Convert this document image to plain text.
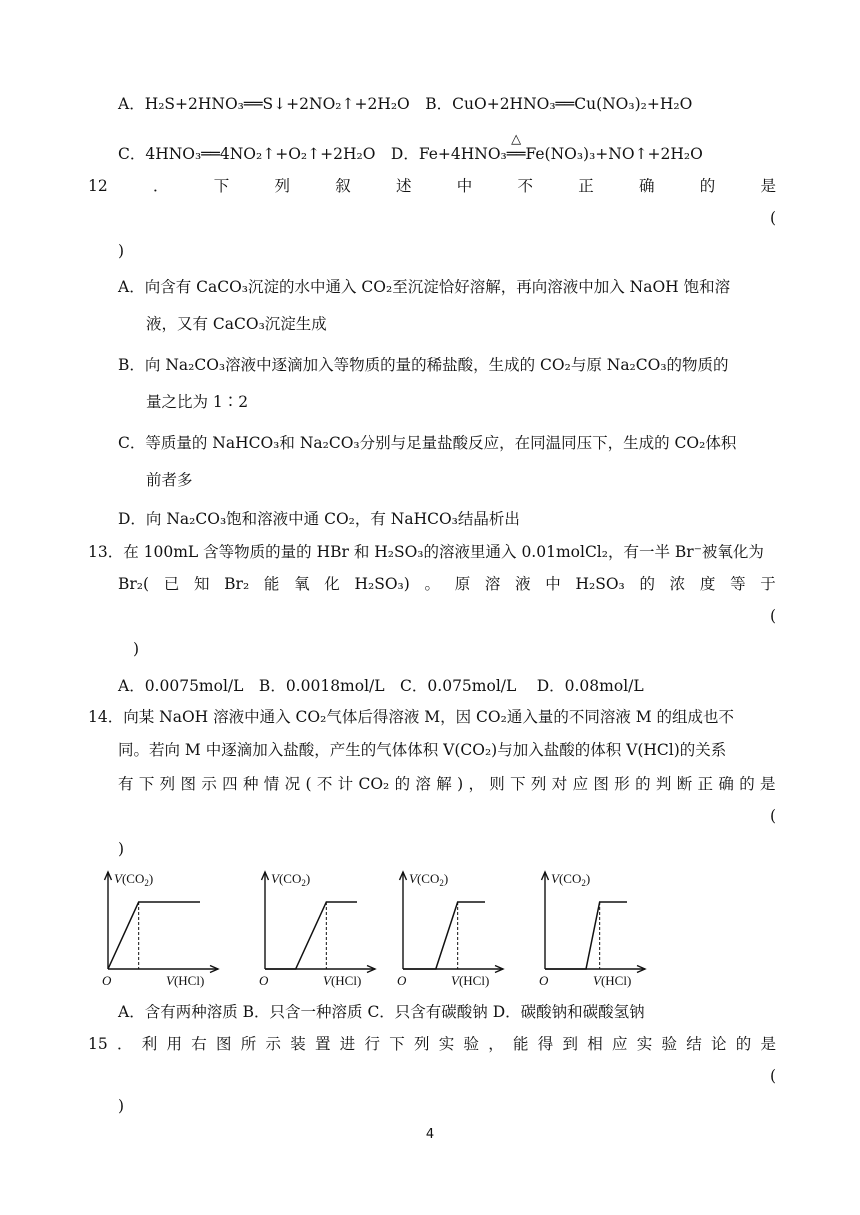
A．H₂S+2HNO₃══S↓+2NO₂↑+2H₂O　B．CuO+2HNO₃══Cu(NO₃)₂+H₂O
C．4HNO₃══4NO₂↑+O₂↑+2H₂O　D．Fe+4HNO₃
△
══Fe(NO₃)₃+NO↑+2H₂O
12	．	下	列	叙	述	中	不	正	确	的	是
(
)
A．向含有 CaCO₃沉淀的水中通入 CO₂至沉淀恰好溶解，再向溶液中加入 NaOH 饱和溶
液，又有 CaCO₃沉淀生成
B．向 Na₂CO₃溶液中逐滴加入等物质的量的稀盐酸，生成的 CO₂与原 Na₂CO₃的物质的
量之比为 1∶2
C．等质量的 NaHCO₃和 Na₂CO₃分别与足量盐酸反应，在同温同压下，生成的 CO₂体积
前者多
D．向 Na₂CO₃饱和溶液中通 CO₂，有 NaHCO₃结晶析出
13．在 100mL 含等物质的量的 HBr 和 H₂SO₃的溶液里通入 0.01molCl₂，有一半 Br⁻被氧化为
Br₂( 已 知 Br₂ 能 氧 化 H₂SO₃) 。 原 溶 液 中 H₂SO₃ 的 浓 度 等 于
(
)
A．0.0075mol/L　B．0.0018mol/L　C．0.075mol/L　 D．0.08mol/L
14．向某 NaOH 溶液中通入 CO₂气体后得溶液 M，因 CO₂通入量的不同溶液 M 的组成也不
同。若向 M 中逐滴加入盐酸，产生的气体体积 V(CO₂)与加入盐酸的体积 V(HCl)的关系
有 下 列 图 示 四 种 情 况 ( 不 计 CO₂ 的 溶 解 ) ， 则 下 列 对 应 图 形 的 判 断 正 确 的 是
(
)
$V(CO_2)$
V(HCl)
O
$V(CO_2)$
V(HCl)
O
$V(CO_2)$
V(HCl)
O
$V(CO_2)$
V(HCl)
O
A．含有两种溶质 B．只含一种溶质 C．只含有碳酸钠 D．碳酸钠和碳酸氢钠
15 ． 利 用 右 图 所 示 装 置 进 行 下 列 实 验 ， 能 得 到 相 应 实 验 结 论 的 是
(
)
4
